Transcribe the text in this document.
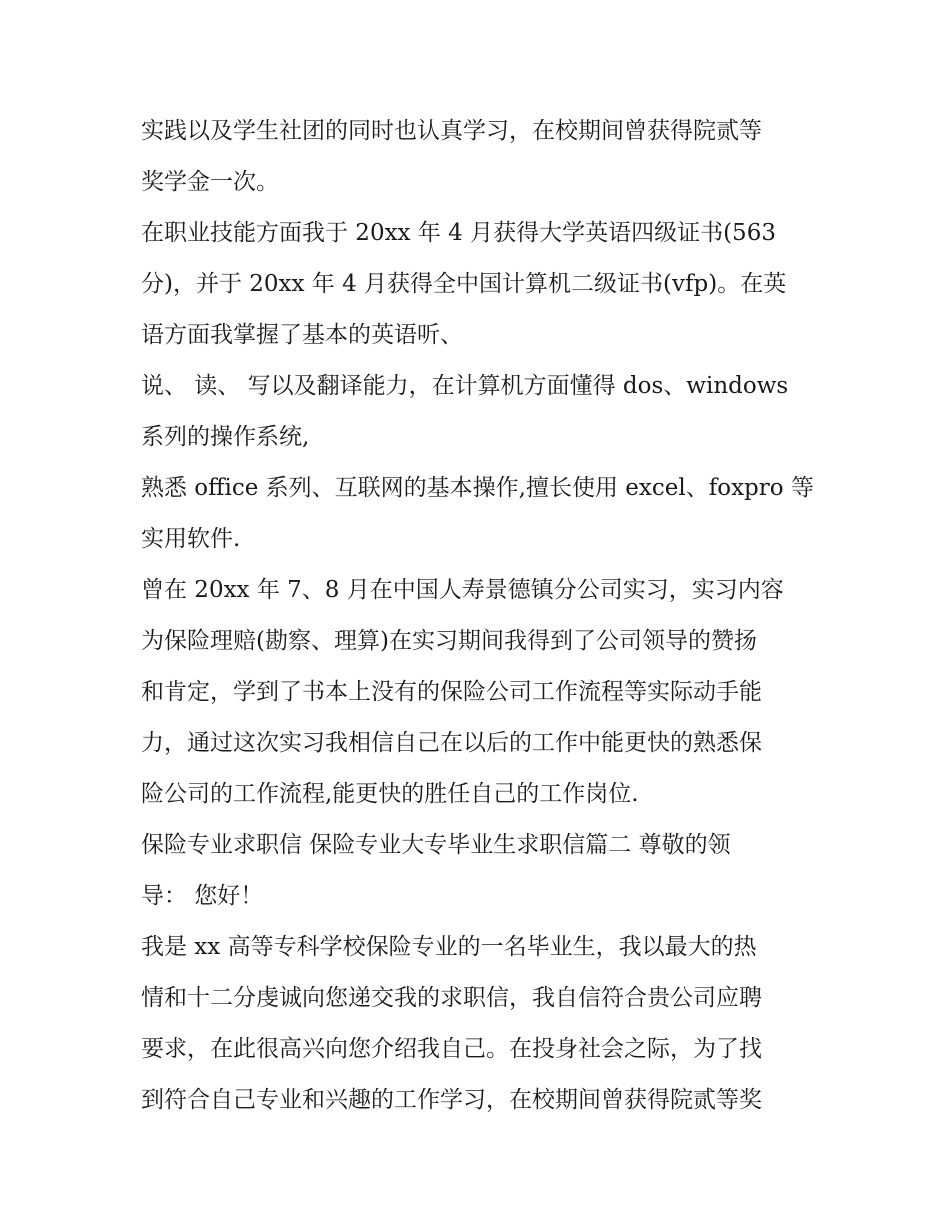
实践以及学生社团的同时也认真学习，在校期间曾获得院贰等
奖学金一次。
在职业技能方面我于 20xx 年 4 月获得大学英语四级证书(563
分)，并于 20xx 年 4 月获得全中国计算机二级证书(vfp)。在英
语方面我掌握了基本的英语听、
说、 读、 写以及翻译能力，在计算机方面懂得 dos、windows
系列的操作系统,
熟悉 office 系列、互联网的基本操作,擅长使用 excel、foxpro 等
实用软件.
曾在 20xx 年 7、8 月在中国人寿景德镇分公司实习，实习内容
为保险理赔(勘察、理算)在实习期间我得到了公司领导的赞扬
和肯定，学到了书本上没有的保险公司工作流程等实际动手能
力，通过这次实习我相信自己在以后的工作中能更快的熟悉保
险公司的工作流程,能更快的胜任自己的工作岗位.
保险专业求职信 保险专业大专毕业生求职信篇二 尊敬的领
导： 您好！
我是 xx 高等专科学校保险专业的一名毕业生，我以最大的热
情和十二分虔诚向您递交我的求职信，我自信符合贵公司应聘
要求，在此很高兴向您介绍我自己。在投身社会之际，为了找
到符合自己专业和兴趣的工作学习，在校期间曾获得院贰等奖
